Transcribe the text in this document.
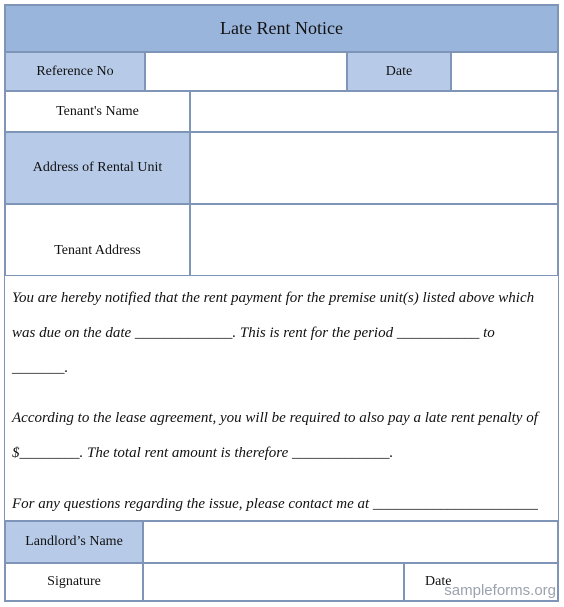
Late Rent Notice
Reference No	Date
Tenant's Name
Address of Rental Unit
Tenant Address
You are hereby notified that the rent payment for the premise unit(s) listed above which
was due on the date _____________. This is rent for the period ___________ to
_______.
According to the lease agreement, you will be required to also pay a late rent penalty of
$________. The total rent amount is therefore _____________.
For any questions regarding the issue, please contact me at ______________________
Landlord’s Name
Signature	Date
sampleforms.org
